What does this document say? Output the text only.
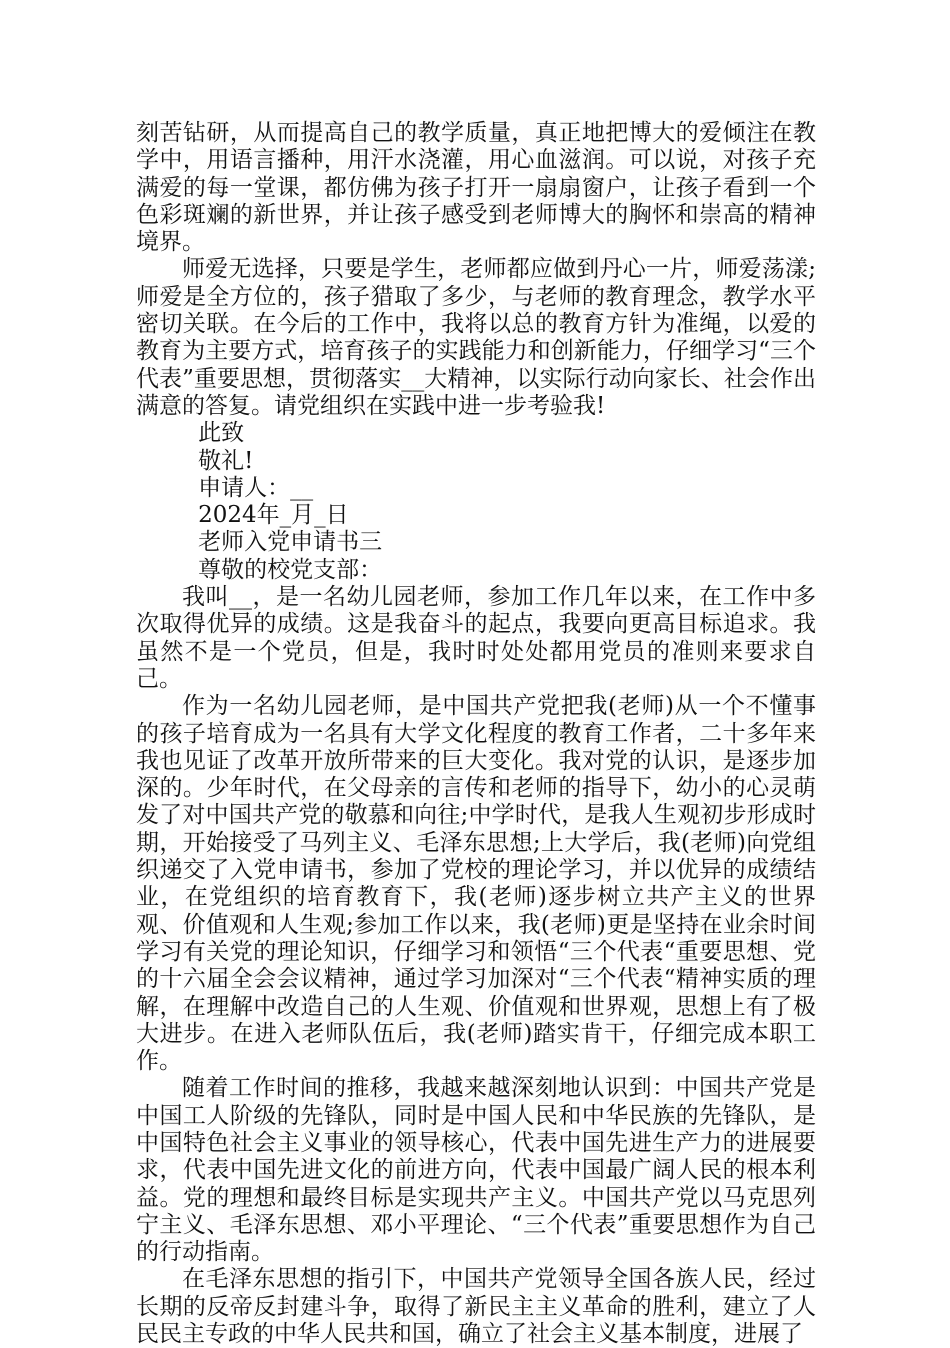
刻苦钻研，从而提高自己的教学质量，真正地把博大的爱倾注在教学中，用语言播种，用汗水浇灌，用心血滋润。可以说，对孩子充满爱的每一堂课，都仿佛为孩子打开一扇扇窗户，让孩子看到一个色彩斑斓的新世界，并让孩子感受到老师博大的胸怀和崇高的精神境界。

师爱无选择，只要是学生，老师都应做到丹心一片，师爱荡漾;师爱是全方位的，孩子猎取了多少，与老师的教育理念，教学水平密切关联。在今后的工作中，我将以总的教育方针为准绳，以爱的教育为主要方式，培育孩子的实践能力和创新能力，仔细学习“三个代表”重要思想，贯彻落实__大精神，以实际行动向家长、社会作出满意的答复。请党组织在实践中进一步考验我!

此致

敬礼!

申请人：__

2024年_月_日

老师入党申请书三

尊敬的校党支部：

我叫__，是一名幼儿园老师，参加工作几年以来，在工作中多次取得优异的成绩。这是我奋斗的起点，我要向更高目标追求。我虽然不是一个党员，但是，我时时处处都用党员的准则来要求自己。

作为一名幼儿园老师，是中国共产党把我(老师)从一个不懂事的孩子培育成为一名具有大学文化程度的教育工作者，二十多年来我也见证了改革开放所带来的巨大变化。我对党的认识，是逐步加深的。少年时代，在父母亲的言传和老师的指导下，幼小的心灵萌发了对中国共产党的敬慕和向往;中学时代，是我人生观初步形成时期，开始接受了马列主义、毛泽东思想;上大学后，我(老师)向党组织递交了入党申请书，参加了党校的理论学习，并以优异的成绩结业，在党组织的培育教育下，我(老师)逐步树立共产主义的世界观、价值观和人生观;参加工作以来，我(老师)更是坚持在业余时间学习有关党的理论知识，仔细学习和领悟“三个代表“重要思想、党的十六届全会会议精神，通过学习加深对“三个代表“精神实质的理解，在理解中改造自己的人生观、价值观和世界观，思想上有了极大进步。在进入老师队伍后，我(老师)踏实肯干，仔细完成本职工作。

随着工作时间的推移，我越来越深刻地认识到：中国共产党是中国工人阶级的先锋队，同时是中国人民和中华民族的先锋队，是中国特色社会主义事业的领导核心，代表中国先进生产力的进展要求，代表中国先进文化的前进方向，代表中国最广阔人民的根本利益。党的理想和最终目标是实现共产主义。中国共产党以马克思列宁主义、毛泽东思想、邓小平理论、“三个代表”重要思想作为自己的行动指南。

在毛泽东思想的指引下，中国共产党领导全国各族人民，经过长期的反帝反封建斗争，取得了新民主主义革命的胜利，建立了人民民主专政的中华人民共和国，确立了社会主义基本制度，进展了
